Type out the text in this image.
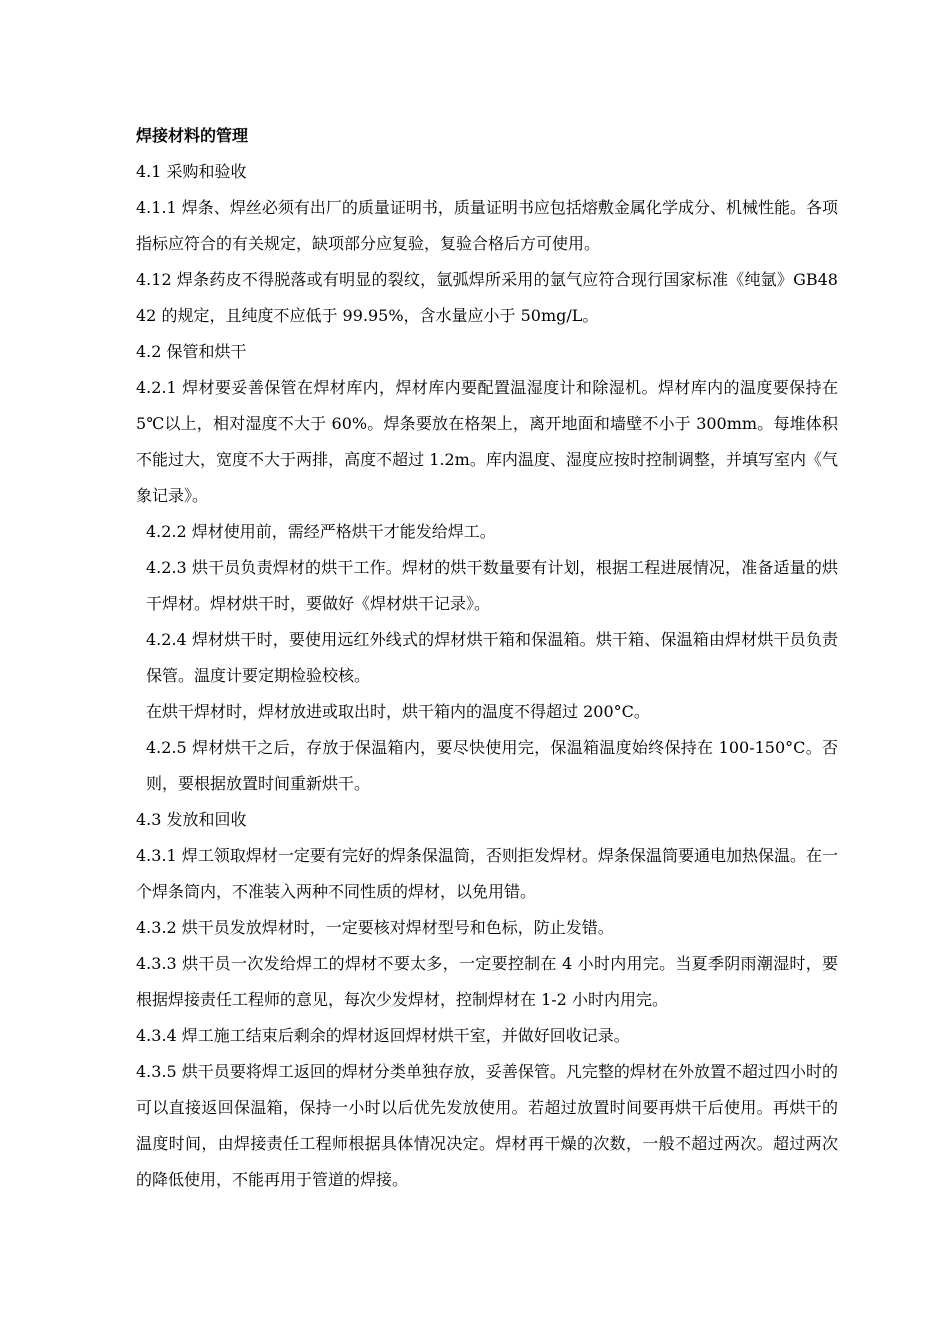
焊接材料的管理

4.1 采购和验收

4.1.1 焊条、焊丝必须有出厂的质量证明书，质量证明书应包括熔敷金属化学成分、机械性能。各项指标应符合的有关规定，缺项部分应复验，复验合格后方可使用。

4.12 焊条药皮不得脱落或有明显的裂纹，氩弧焊所采用的氩气应符合现行国家标准《纯氩》GB4842 的规定，且纯度不应低于 99.95%，含水量应小于 50mg/L。

4.2 保管和烘干

4.2.1 焊材要妥善保管在焊材库内，焊材库内要配置温湿度计和除湿机。焊材库内的温度要保持在 5℃以上，相对湿度不大于 60%。焊条要放在格架上，离开地面和墙壁不小于 300mm。每堆体积不能过大，宽度不大于两排，高度不超过 1.2m。库内温度、湿度应按时控制调整，并填写室内《气象记录》。

4.2.2 焊材使用前，需经严格烘干才能发给焊工。

4.2.3 烘干员负责焊材的烘干工作。焊材的烘干数量要有计划，根据工程进展情况，准备适量的烘干焊材。焊材烘干时，要做好《焊材烘干记录》。

4.2.4 焊材烘干时，要使用远红外线式的焊材烘干箱和保温箱。烘干箱、保温箱由焊材烘干员负责保管。温度计要定期检验校核。

在烘干焊材时，焊材放进或取出时，烘干箱内的温度不得超过 200°C。

4.2.5 焊材烘干之后，存放于保温箱内，要尽快使用完，保温箱温度始终保持在 100-150°C。否则，要根据放置时间重新烘干。

4.3 发放和回收

4.3.1 焊工领取焊材一定要有完好的焊条保温筒，否则拒发焊材。焊条保温筒要通电加热保温。在一个焊条筒内，不准装入两种不同性质的焊材，以免用错。

4.3.2 烘干员发放焊材时，一定要核对焊材型号和色标，防止发错。

4.3.3 烘干员一次发给焊工的焊材不要太多，一定要控制在 4 小时内用完。当夏季阴雨潮湿时，要根据焊接责任工程师的意见，每次少发焊材，控制焊材在 1-2 小时内用完。

4.3.4 焊工施工结束后剩余的焊材返回焊材烘干室，并做好回收记录。

4.3.5 烘干员要将焊工返回的焊材分类单独存放，妥善保管。凡完整的焊材在外放置不超过四小时的可以直接返回保温箱，保持一小时以后优先发放使用。若超过放置时间要再烘干后使用。再烘干的温度时间，由焊接责任工程师根据具体情况决定。焊材再干燥的次数，一般不超过两次。超过两次的降低使用，不能再用于管道的焊接。
